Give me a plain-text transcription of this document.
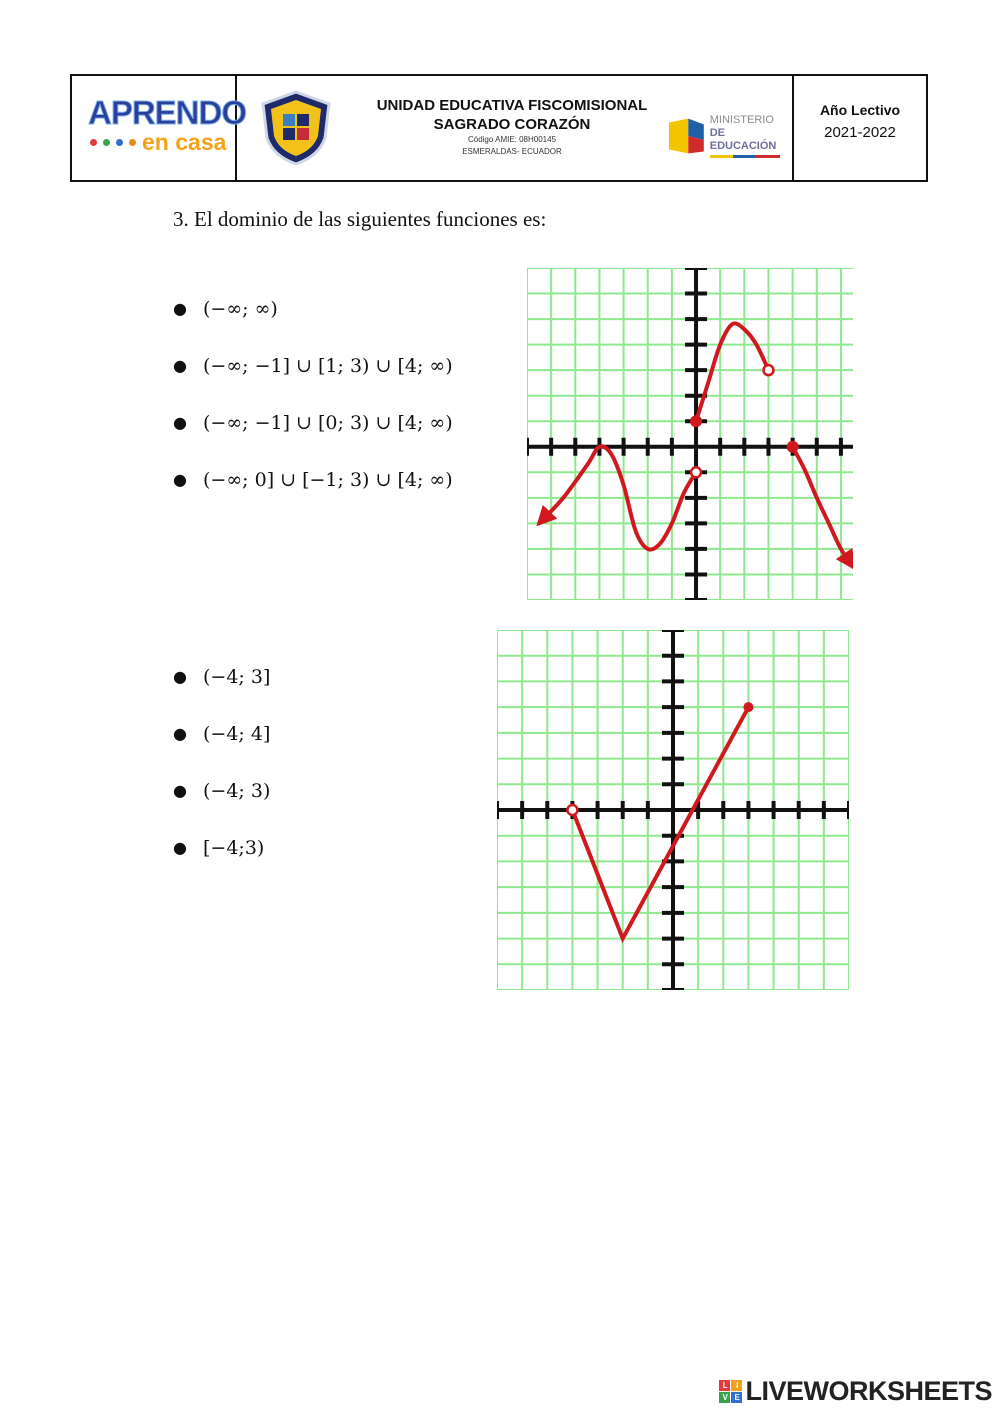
APRENDO
en casa
UNIDAD EDUCATIVA FISCOMISIONAL
SAGRADO CORAZÓN
Código AMIE: 08H00145
ESMERALDAS- ECUADOR
MINISTERIO
DE EDUCACIÓN
Año Lectivo
2021-2022
3. El dominio de las siguientes funciones es:
● (−∞; ∞)
● (−∞; −1] ∪ [1; 3) ∪ [4; ∞)
● (−∞; −1] ∪ [0; 3) ∪ [4; ∞)
● (−∞; 0] ∪ [−1; 3) ∪ [4; ∞)
● (−4; 3]
● (−4; 4]
● (−4; 3)
● [−4;3)
L	I
V E LIVEWORKSHEETS
